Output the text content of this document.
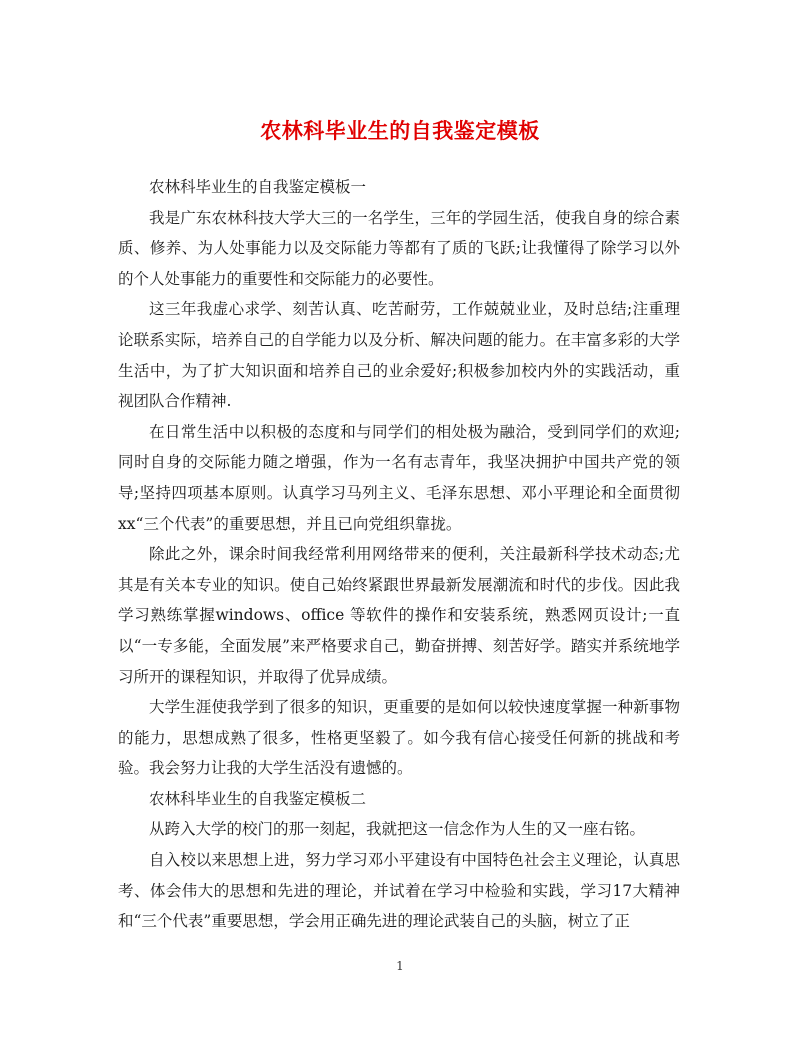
农林科毕业生的自我鉴定模板

农林科毕业生的自我鉴定模板一

我是广东农林科技大学大三的一名学生，三年的学园生活，使我自身的综合素质、修养、为人处事能力以及交际能力等都有了质的飞跃;让我懂得了除学习以外的个人处事能力的重要性和交际能力的必要性。

这三年我虚心求学、刻苦认真、吃苦耐劳，工作兢兢业业，及时总结;注重理论联系实际，培养自己的自学能力以及分析、解决问题的能力。在丰富多彩的大学生活中，为了扩大知识面和培养自己的业余爱好;积极参加校内外的实践活动，重视团队合作精神.

在日常生活中以积极的态度和与同学们的相处极为融洽，受到同学们的欢迎;同时自身的交际能力随之增强，作为一名有志青年，我坚决拥护中国共产党的领导;坚持四项基本原则。认真学习马列主义、毛泽东思想、邓小平理论和全面贯彻xx“三个代表”的重要思想，并且已向党组织靠拢。

除此之外，课余时间我经常利用网络带来的便利，关注最新科学技术动态;尤其是有关本专业的知识。使自己始终紧跟世界最新发展潮流和时代的步伐。因此我学习熟练掌握windows、office 等软件的操作和安装系统，熟悉网页设计;一直以“一专多能，全面发展”来严格要求自己，勤奋拼搏、刻苦好学。踏实并系统地学习所开的课程知识，并取得了优异成绩。

大学生涯使我学到了很多的知识，更重要的是如何以较快速度掌握一种新事物的能力，思想成熟了很多，性格更坚毅了。如今我有信心接受任何新的挑战和考验。我会努力让我的大学生活没有遗憾的。

农林科毕业生的自我鉴定模板二

从跨入大学的校门的那一刻起，我就把这一信念作为人生的又一座右铭。

自入校以来思想上进，努力学习邓小平建设有中国特色社会主义理论，认真思考、体会伟大的思想和先进的理论，并试着在学习中检验和实践，学习17大精神和“三个代表”重要思想，学会用正确先进的理论武装自己的头脑，树立了正

1
